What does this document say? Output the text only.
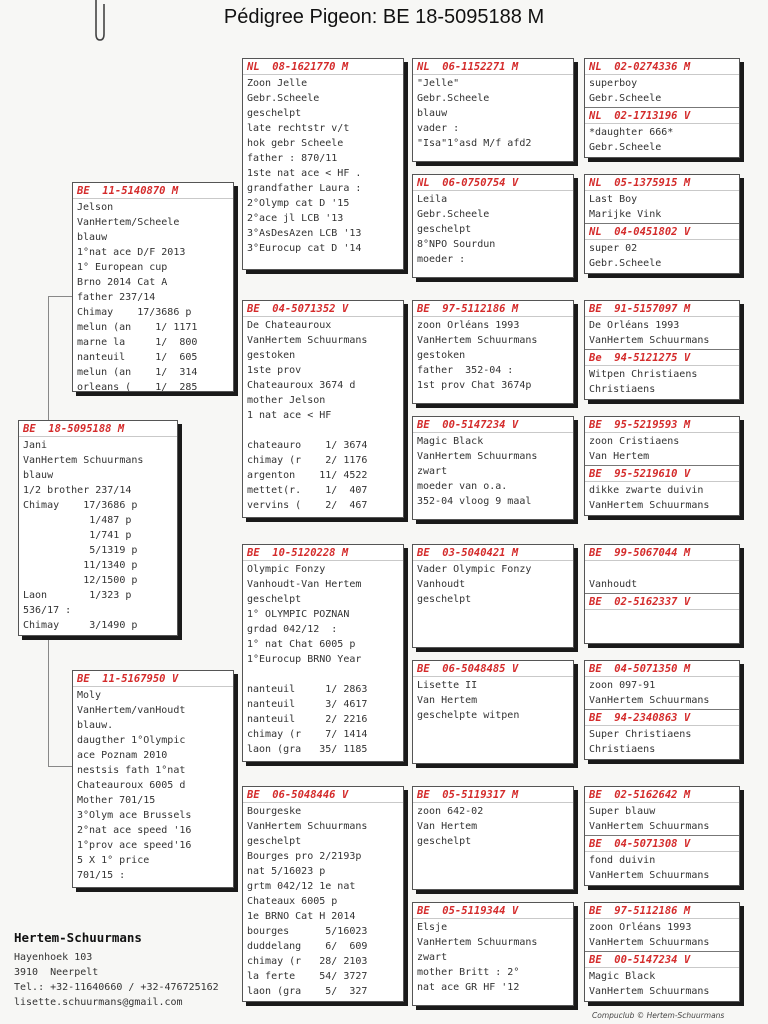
Pédigree Pigeon: BE 18-5095188 M
BE  18-5095188 M
Jani
VanHertem Schuurmans
blauw
1/2 brother 237/14
Chimay    17/3686 p
1/487 p
1/741 p
5/1319 p
11/1340 p
12/1500 p
Laon       1/323 p
536/17 :
Chimay     3/1490 p
BE  11-5140870 M
Jelson
VanHertem/Scheele
blauw
1°nat ace D/F 2013
1° European cup
Brno 2014 Cat A
father 237/14
Chimay    17/3686 p
melun (an    1/ 1171
marne la     1/  800
nanteuil     1/  605
melun (an    1/  314
orleans (    1/  285
BE  11-5167950 V
Moly
VanHertem/vanHoudt
blauw.
daugther 1°Olympic
ace Poznam 2010
nestsis fath 1°nat
Chateauroux 6005 d
Mother 701/15
3°Olym ace Brussels
2°nat ace speed '16
1°prov ace speed'16
5 X 1° price
701/15 :
NL  08-1621770 M
Zoon Jelle
Gebr.Scheele
geschelpt
late rechtstr v/t
hok gebr Scheele
father : 870/11
1ste nat ace < HF .
grandfather Laura :
2°Olymp cat D '15
2°ace jl LCB '13
3°AsDesAzen LCB '13
3°Eurocup cat D '14
BE  04-5071352 V
De Chateauroux
VanHertem Schuurmans
gestoken
1ste prov
Chateauroux 3674 d
mother Jelson
1 nat ace < HF

chateauro    1/ 3674
chimay (r    2/ 1176
argenton    11/ 4522
mettet(r.    1/  407
vervins (    2/  467
BE  10-5120228 M
Olympic Fonzy
Vanhoudt-Van Hertem
geschelpt
1° OLYMPIC POZNAN
grdad 042/12  :
1° nat Chat 6005 p
1°Eurocup BRNO Year

nanteuil     1/ 2863
nanteuil     3/ 4617
nanteuil     2/ 2216
chimay (r    7/ 1414
laon (gra   35/ 1185
BE  06-5048446 V
Bourgeske
VanHertem Schuurmans
geschelpt
Bourges pro 2/2193p
nat 5/16023 p
grtm 042/12 1e nat
Chateaux 6005 p
1e BRNO Cat H 2014
bourges      5/16023
duddelang    6/  609
chimay (r   28/ 2103
la ferte    54/ 3727
laon (gra    5/  327
NL  06-1152271 M
"Jelle"
Gebr.Scheele
blauw
vader :
"Isa"1°asd M/f afd2
NL  06-0750754 V
Leila
Gebr.Scheele
geschelpt
8°NPO Sourdun
moeder :
BE  97-5112186 M
zoon Orléans 1993
VanHertem Schuurmans
gestoken
father  352-04 :
1st prov Chat 3674p
BE  00-5147234 V
Magic Black
VanHertem Schuurmans
zwart
moeder van o.a.
352-04 vloog 9 maal
BE  03-5040421 M
Vader Olympic Fonzy
Vanhoudt
geschelpt
BE  06-5048485 V
Lisette II
Van Hertem
geschelpte witpen
BE  05-5119317 M
zoon 642-02
Van Hertem
geschelpt
BE  05-5119344 V
Elsje
VanHertem Schuurmans
zwart
mother Britt : 2°
nat ace GR HF '12
NL  02-0274336 M
superboy
Gebr.Scheele
NL  02-1713196 V
*daughter 666*
Gebr.Scheele
NL  05-1375915 M
Last Boy
Marijke Vink
NL  04-0451802 V
super 02
Gebr.Scheele
BE  91-5157097 M
De Orléans 1993
VanHertem Schuurmans
Be  94-5121275 V
Witpen Christiaens
Christiaens
BE  95-5219593 M
zoon Cristiaens
Van Hertem
BE  95-5219610 V
dikke zwarte duivin
VanHertem Schuurmans
BE  99-5067044 M

Vanhoudt
BE  02-5162337 V

BE  04-5071350 M
zoon 097-91
VanHertem Schuurmans
BE  94-2340863 V
Super Christiaens
Christiaens
BE  02-5162642 M
Super blauw
VanHertem Schuurmans
BE  04-5071308 V
fond duivin
VanHertem Schuurmans
BE  97-5112186 M
zoon Orléans 1993
VanHertem Schuurmans
BE  00-5147234 V
Magic Black
VanHertem Schuurmans
Hertem-Schuurmans
Hayenhoek 103
3910  Neerpelt
Tel.: +32-11640660 / +32-476725162
lisette.schuurmans@gmail.com
Compuclub © Hertem-Schuurmans
